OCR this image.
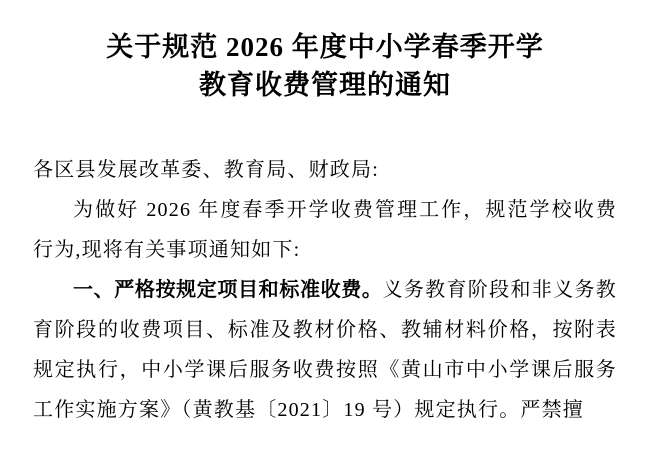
关于规范 2026 年度中小学春季开学
教育收费管理的通知

各区县发展改革委、教育局、财政局:

为做好 2026 年度春季开学收费管理工作，规范学校收费行为,现将有关事项通知如下:

一、严格按规定项目和标准收费。义务教育阶段和非义务教育阶段的收费项目、标准及教材价格、教辅材料价格，按附表规定执行，中小学课后服务收费按照《黄山市中小学课后服务工作实施方案》（黄教基〔2021〕19 号）规定执行。严禁擅
